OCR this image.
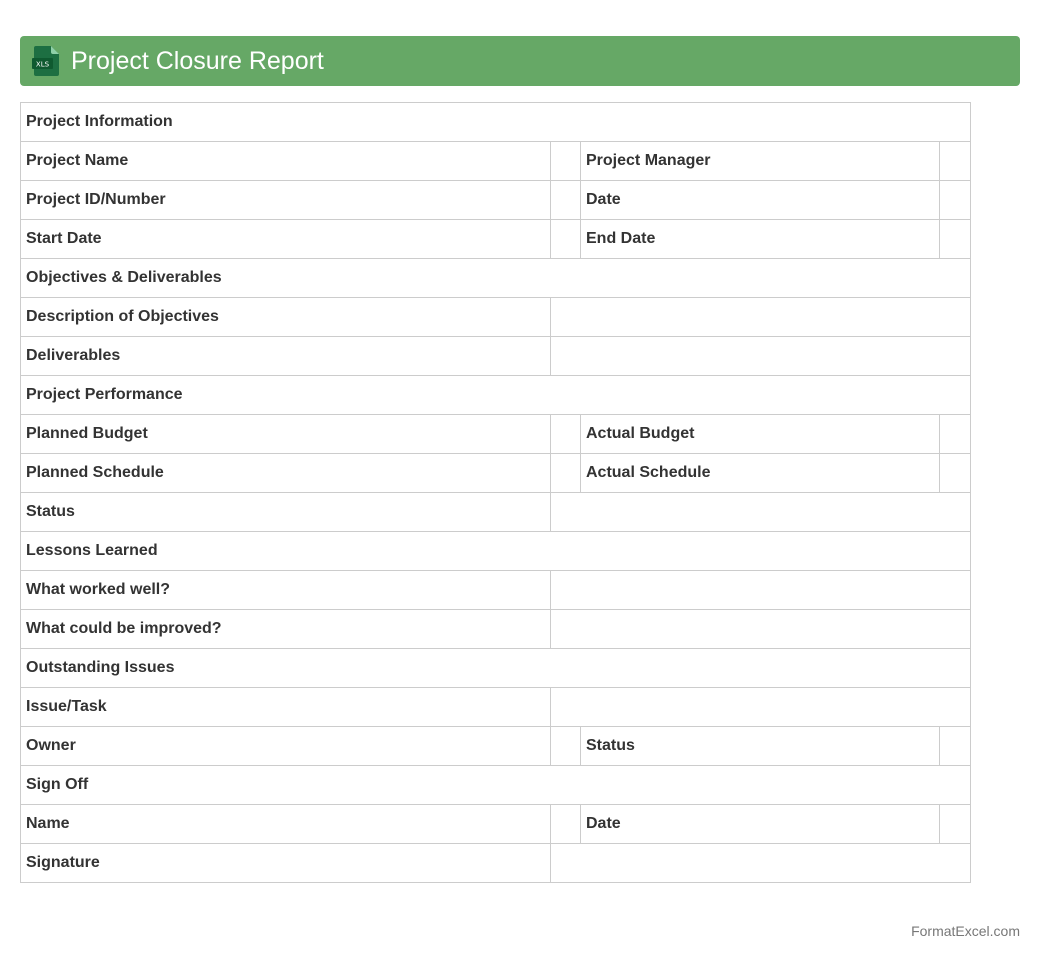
XLS Project Closure Report
Project Information			
Project Name		Project Manager	
Project ID/Number		Date	
Start Date		End Date	
Objectives & Deliverables			
Description of Objectives			
Deliverables			
Project Performance			
Planned Budget		Actual Budget	
Planned Schedule		Actual Schedule	
Status			
Lessons Learned			
What worked well?			
What could be improved?			
Outstanding Issues			
Issue/Task			
Owner		Status	
Sign Off			
Name		Date	
Signature			
FormatExcel.com
